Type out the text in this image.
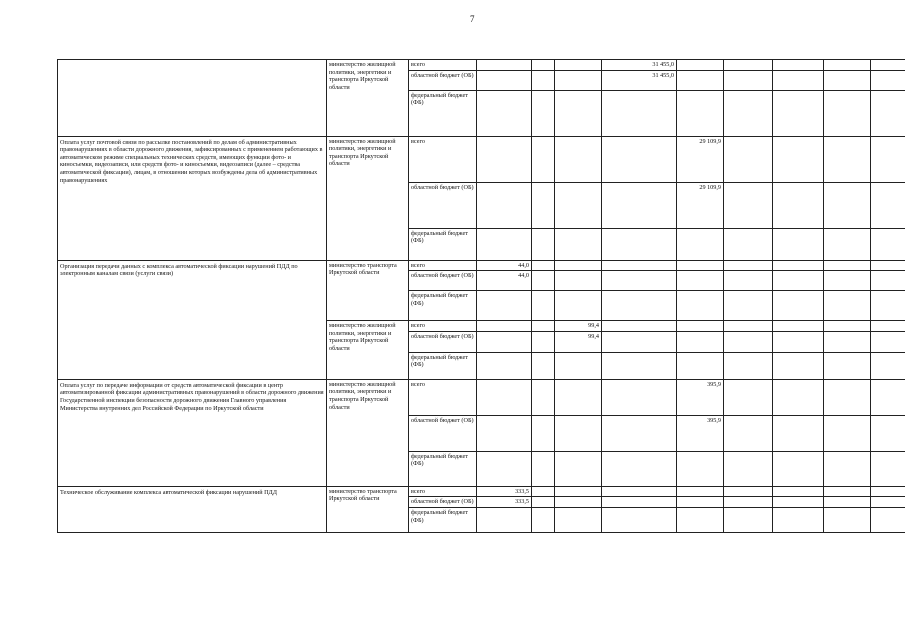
7
	министерство жилищной политики, энергетики и транспорта Иркутской области	всего				31 455,0					
		областной бюджет (ОБ)				31 455,0					
		федеральный бюджет (ФБ)									
Оплата услуг почтовой связи по рассылке постановлений по делам об административных правонарушениях в области дорожного движения, зафиксированных с применением работающих в автоматическом режиме специальных технических средств, имеющих функции фото- и киносъемки, видеозаписи, или средств фото- и киносъемки, видеозаписи (далее – средства автоматической фиксации), лицам, в отношении которых возбуждены дела об административных правонарушениях	министерство жилищной политики, энергетики и транспорта Иркутской области	всего					29 109,9				
		областной бюджет (ОБ)					29 109,9				
		федеральный бюджет (ФБ)									
Организация передачи данных с комплекса автоматической фиксации нарушений ПДД по электронным каналам связи (услуги связи)	министерство транспорта Иркутской области	всего	44,0								
		областной бюджет (ОБ)	44,0								
		федеральный бюджет (ФБ)									
	министерство жилищной политики, энергетики и транспорта Иркутской области	всего			99,4						
		областной бюджет (ОБ)			99,4						
		федеральный бюджет (ФБ)									
Оплата услуг по передаче информации от средств автоматической фиксации в центр автоматизированной фиксации административных правонарушений в области дорожного движения Государственной инспекции безопасности дорожного движения Главного управления Министерства внутренних дел Российской Федерации по Иркутской области	министерство жилищной политики, энергетики и транспорта Иркутской области	всего					395,9				
		областной бюджет (ОБ)					395,9				
		федеральный бюджет (ФБ)									
Техническое обслуживание комплекса автоматической фиксации нарушений ПДД	министерство транспорта Иркутской области	всего	333,5								
		областной бюджет (ОБ)	333,5								
		федеральный бюджет (ФБ)									
